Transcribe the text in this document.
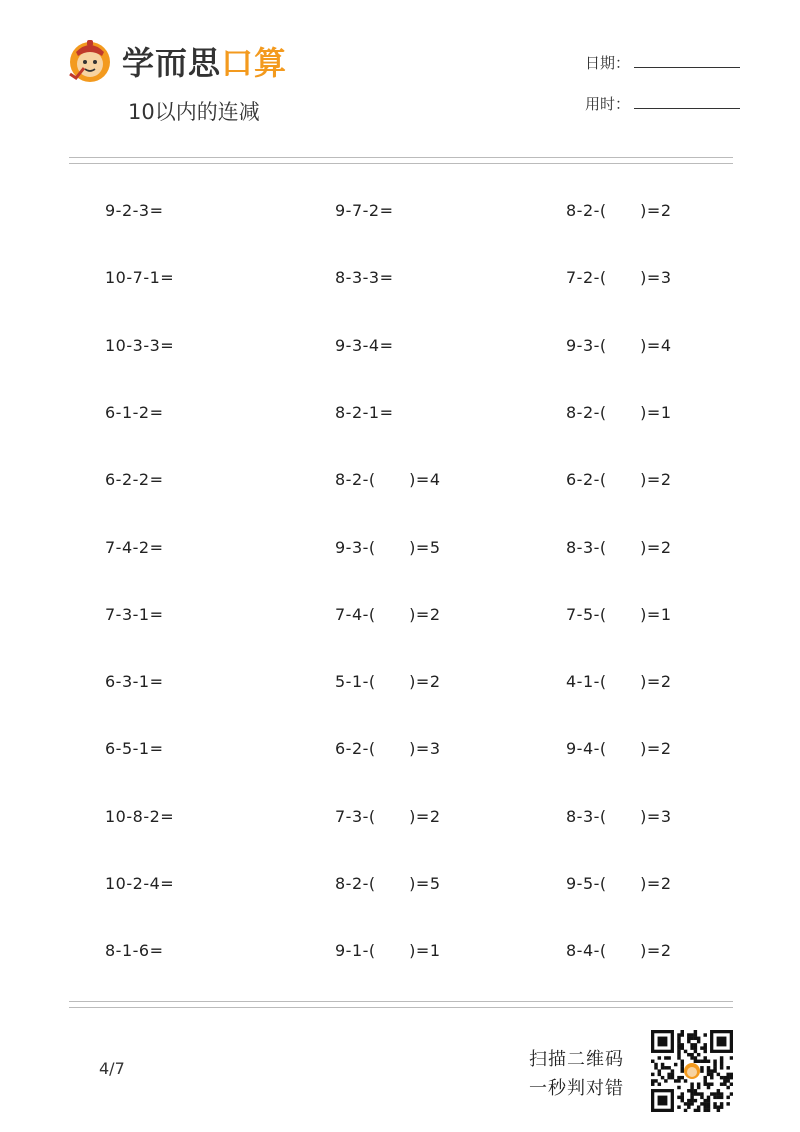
学而思口算
10以内的连减
日期：
用时：
9-2-3=	9-7-2=	8-2-(      )=2
10-7-1=	8-3-3=	7-2-(      )=3
10-3-3=	9-3-4=	9-3-(      )=4
6-1-2=	8-2-1=	8-2-(      )=1
6-2-2=	8-2-(      )=4	6-2-(      )=2
7-4-2=	9-3-(      )=5	8-3-(      )=2
7-3-1=	7-4-(      )=2	7-5-(      )=1
6-3-1=	5-1-(      )=2	4-1-(      )=2
6-5-1=	6-2-(      )=3	9-4-(      )=2
10-8-2=	7-3-(      )=2	8-3-(      )=3
10-2-4=	8-2-(      )=5	9-5-(      )=2
8-1-6=	9-1-(      )=1	8-4-(      )=2
4/7	扫描二维码
一秒判对错
